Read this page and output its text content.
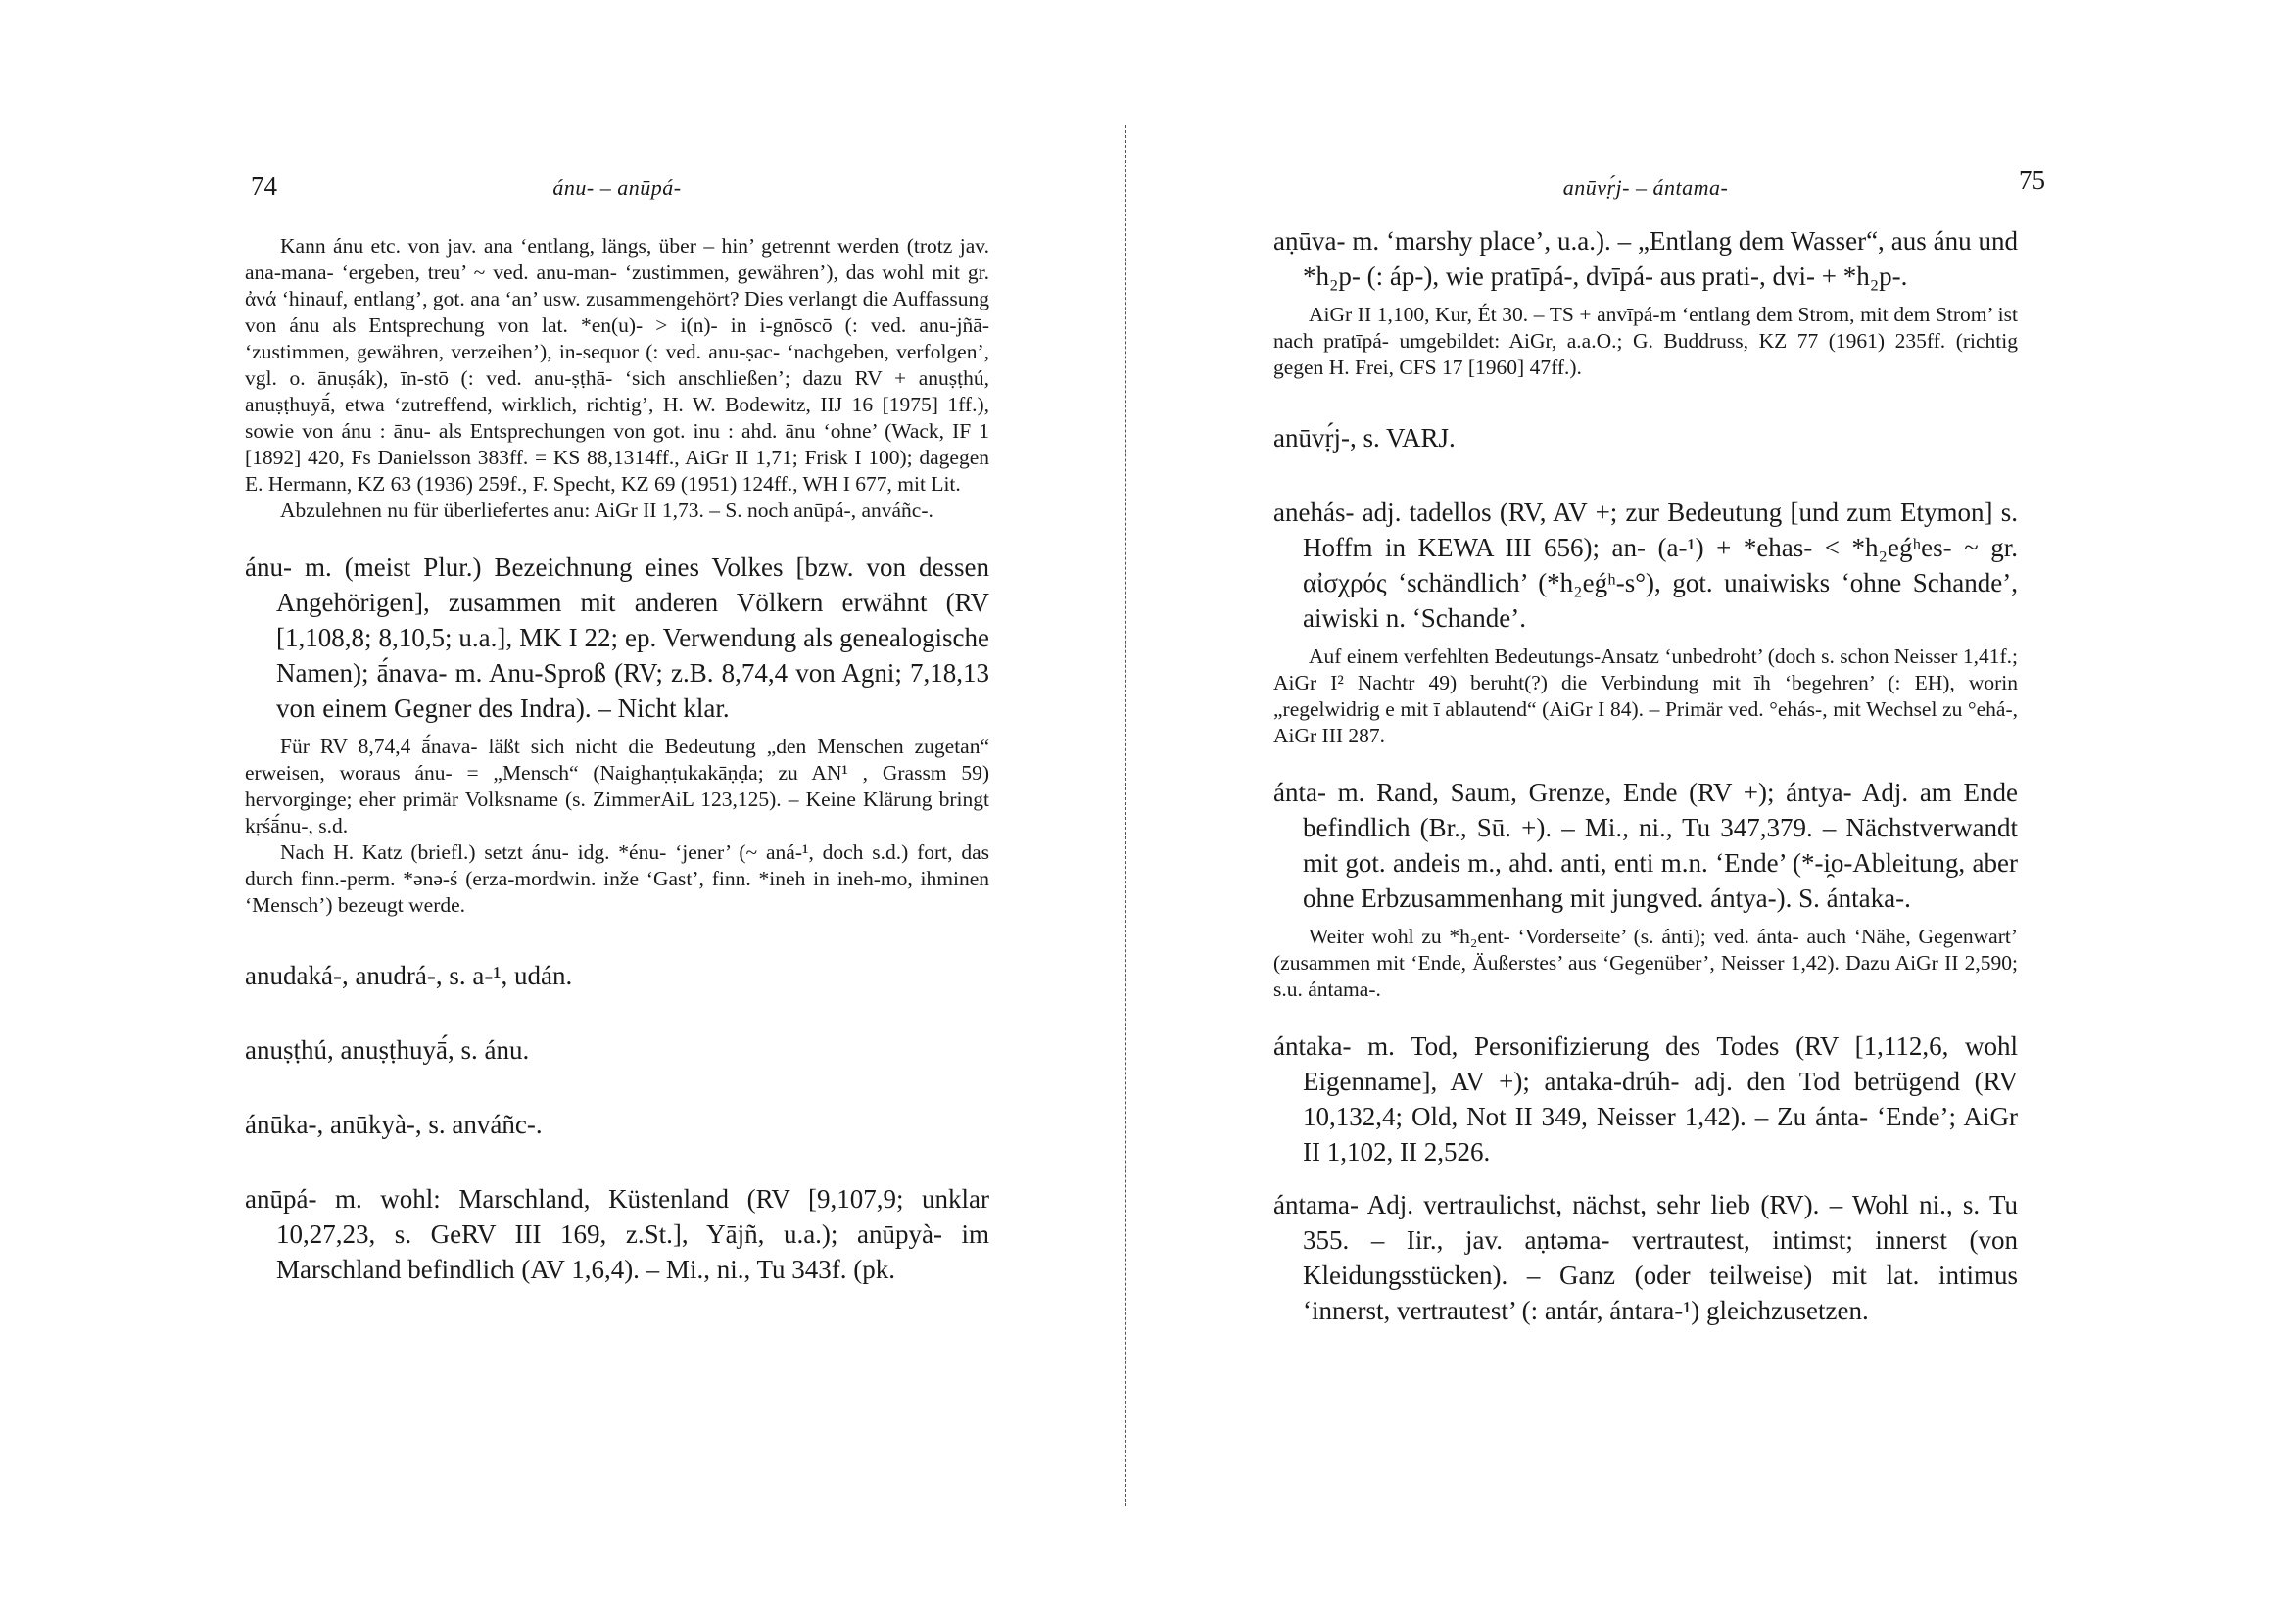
74	ánu- – anūpá-

Kann ánu etc. von jav. ana ‘entlang, längs, über – hin’ getrennt werden (trotz jav. ana-mana- ‘ergeben, treu’ ~ ved. anu-man- ‘zustimmen, gewähren’), das wohl mit gr. ἀνά ‘hinauf, entlang’, got. ana ‘an’ usw. zusammengehört? Dies verlangt die Auffassung von ánu als Entsprechung von lat. *en(u)- > i(n)- in i-gnōscō (: ved. anu-jñā- ‘zustimmen, gewähren, verzeihen’), in-sequor (: ved. anu-ṣac- ‘nachgeben, verfolgen’, vgl. o. ānuṣák), īn-stō (: ved. anu-ṣṭhā- ‘sich anschließen’; dazu RV + anuṣṭhú, anuṣṭhuyā́, etwa ‘zutreffend, wirklich, richtig’, H. W. Bodewitz, IIJ 16 [1975] 1ff.), sowie von ánu : ānu- als Entsprechungen von got. inu : ahd. ānu ‘ohne’ (Wack, IF 1 [1892] 420, Fs Danielsson 383ff. = KS 88,1314ff., AiGr II 1,71; Frisk I 100); dagegen E. Hermann, KZ 63 (1936) 259f., F. Specht, KZ 69 (1951) 124ff., WH I 677, mit Lit.

Abzulehnen nu für überliefertes anu: AiGr II 1,73. – S. noch anūpá-, anváñc-.

ánu- m. (meist Plur.) Bezeichnung eines Volkes [bzw. von dessen Angehörigen], zusammen mit anderen Völkern erwähnt (RV [1,108,8; 8,10,5; u.a.], MK I 22; ep. Verwendung als genealogische Namen); ā́nava- m. Anu-Sproß (RV; z.B. 8,74,4 von Agni; 7,18,13 von einem Gegner des Indra). – Nicht klar.

Für RV 8,74,4 ā́nava- läßt sich nicht die Bedeutung „den Menschen zugetan“ erweisen, woraus ánu- = „Mensch“ (Naighaṇṭukakāṇḍa; zu AN¹ , Grassm 59) hervorginge; eher primär Volksname (s. ZimmerAiL 123,125). – Keine Klärung bringt kṛśā́nu-, s.d.

Nach H. Katz (briefl.) setzt ánu- idg. *énu- ‘jener’ (~ aná-¹, doch s.d.) fort, das durch finn.-perm. *ənə-ś (erza-mordwin. inže ‘Gast’, finn. *ineh in ineh-mo, ihminen ‘Mensch’) bezeugt werde.

anudaká-, anudrá-, s. a-¹, udán.

anuṣṭhú, anuṣṭhuyā́, s. ánu.

ánūka-, anūkyà-, s. anváñc-.

anūpá- m. wohl: Marschland, Küstenland (RV [9,107,9; unklar 10,27,23, s. GeRV III 169, z.St.], Yājñ, u.a.); anūpyà- im Marschland befindlich (AV 1,6,4). – Mi., ni., Tu 343f. (pk.

anūvṛ́j- – ántama-	75

aṇūva- m. ‘marshy place’, u.a.). – „Entlang dem Wasser“, aus ánu und *h₂p- (: áp-), wie pratīpá-, dvīpá- aus prati-, dvi- + *h₂p-.

AiGr II 1,100, Kur, Ét 30. – TS + anvīpá-m ‘entlang dem Strom, mit dem Strom’ ist nach pratīpá- umgebildet: AiGr, a.a.O.; G. Buddruss, KZ 77 (1961) 235ff. (richtig gegen H. Frei, CFS 17 [1960] 47ff.).

anūvṛ́j-, s. VARJ.

anehás- adj. tadellos (RV, AV +; zur Bedeutung [und zum Etymon] s. Hoffm in KEWA III 656); an- (a-¹) + *ehas- < *h₂eǵʰes- ~ gr. αἰσχρός ‘schändlich’ (*h₂eǵʰ-s°), got. unaiwisks ‘ohne Schande’, aiwiski n. ‘Schande’.

Auf einem verfehlten Bedeutungs-Ansatz ‘unbedroht’ (doch s. schon Neisser 1,41f.; AiGr I² Nachtr 49) beruht(?) die Verbindung mit īh ‘begehren’ (: EH), worin „regelwidrig e mit ī ablautend“ (AiGr I 84). – Primär ved. °ehás-, mit Wechsel zu °ehá-, AiGr III 287.

ánta- m. Rand, Saum, Grenze, Ende (RV +); ántya- Adj. am Ende befindlich (Br., Sū. +). – Mi., ni., Tu 347,379. – Nächstverwandt mit got. andeis m., ahd. anti, enti m.n. ‘Ende’ (*-i̯o-Ableitung, aber ohne Erbzusammenhang mit jungved. ántya-). S. ántaka-.

Weiter wohl zu *h₂ent- ‘Vorderseite’ (s. ánti); ved. ánta- auch ‘Nähe, Gegenwart’ (zusammen mit ‘Ende, Äußerstes’ aus ‘Gegenüber’, Neisser 1,42). Dazu AiGr II 2,590; s.u. ántama-.

ántaka- m. Tod, Personifizierung des Todes (RV [1,112,6, wohl Eigenname], AV +); antaka-drúh- adj. den Tod betrügend (RV 10,132,4; Old, Not II 349, Neisser 1,42). – Zu ánta- ‘Ende’; AiGr II 1,102, II 2,526.

ántama- Adj. vertraulichst, nächst, sehr lieb (RV). – Wohl ni., s. Tu 355. – Iir., jav. aṇtəma- vertrautest, intimst; innerst (von Kleidungsstücken). – Ganz (oder teilweise) mit lat. intimus ‘innerst, vertrautest’ (: antár, ántara-¹) gleichzusetzen.
